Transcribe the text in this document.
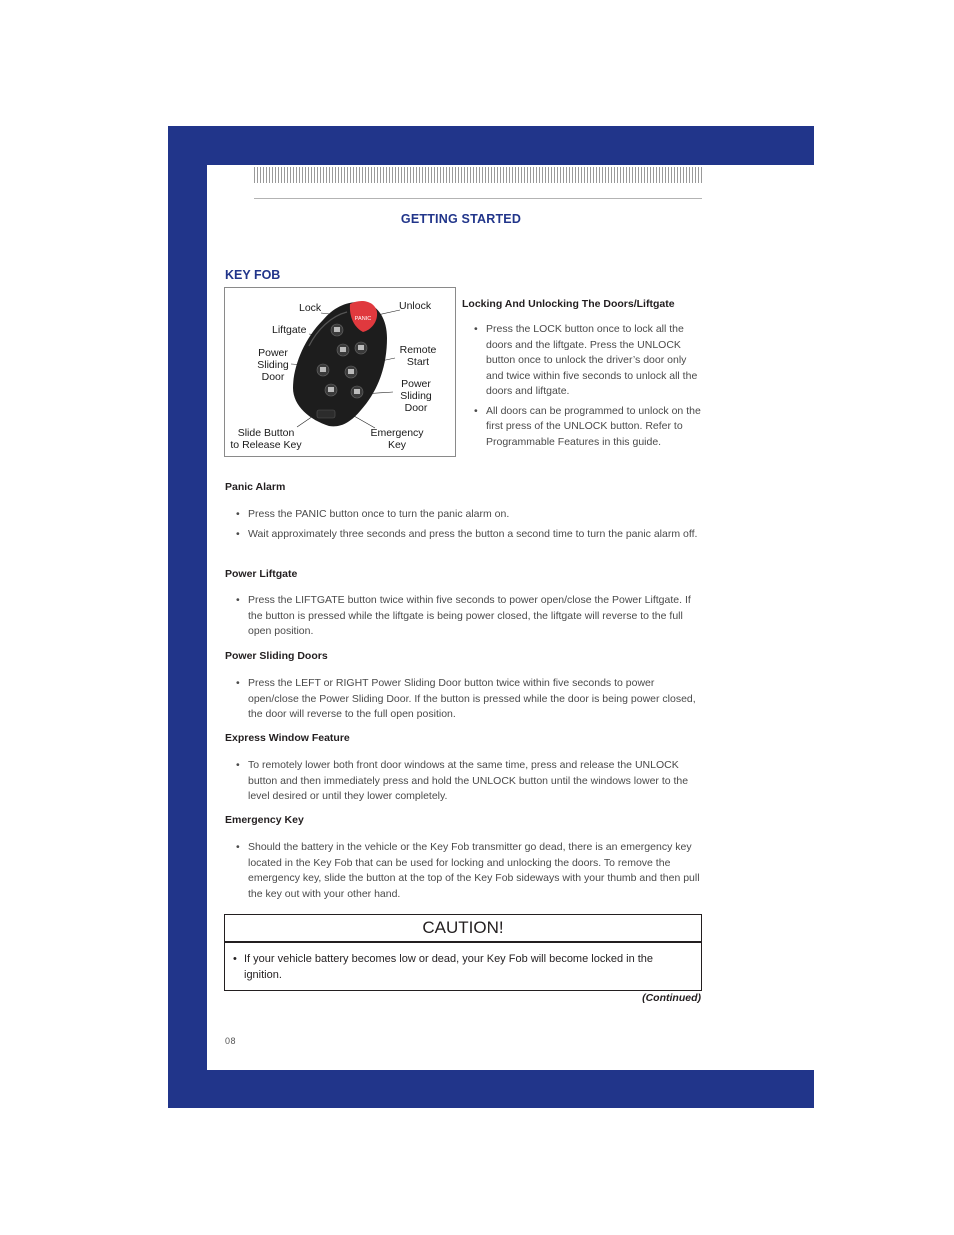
GETTING STARTED
KEY FOB
PANIC
Lock	Unlock
Liftgate
Power
Sliding
Door
Remote
Start
Power
Sliding
Door
Slide Button
to Release Key
Emergency
Key
Locking And Unlocking The Doors/Liftgate
• Press the LOCK button once to lock all the doors and the liftgate. Press the UNLOCK button once to unlock the driver’s door only and twice within five seconds to unlock all the doors and liftgate.
• All doors can be programmed to unlock on the first press of the UNLOCK button. Refer to Programmable Features in this guide.
Panic Alarm
• Press the PANIC button once to turn the panic alarm on.
• Wait approximately three seconds and press the button a second time to turn the panic alarm off.
Power Liftgate
• Press the LIFTGATE button twice within five seconds to power open/close the Power Liftgate. If the button is pressed while the liftgate is being power closed, the liftgate will reverse to the full open position.
Power Sliding Doors
• Press the LEFT or RIGHT Power Sliding Door button twice within five seconds to power open/close the Power Sliding Door. If the button is pressed while the door is being power closed, the door will reverse to the full open position.
Express Window Feature
• To remotely lower both front door windows at the same time, press and release the UNLOCK button and then immediately press and hold the UNLOCK button until the windows lower to the level desired or until they lower completely.
Emergency Key
• Should the battery in the vehicle or the Key Fob transmitter go dead, there is an emergency key located in the Key Fob that can be used for locking and unlocking the doors. To remove the emergency key, slide the button at the top of the Key Fob sideways with your thumb and then pull the key out with your other hand.
CAUTION!
• If your vehicle battery becomes low or dead, your Key Fob will become locked in the ignition.
(Continued)
08
